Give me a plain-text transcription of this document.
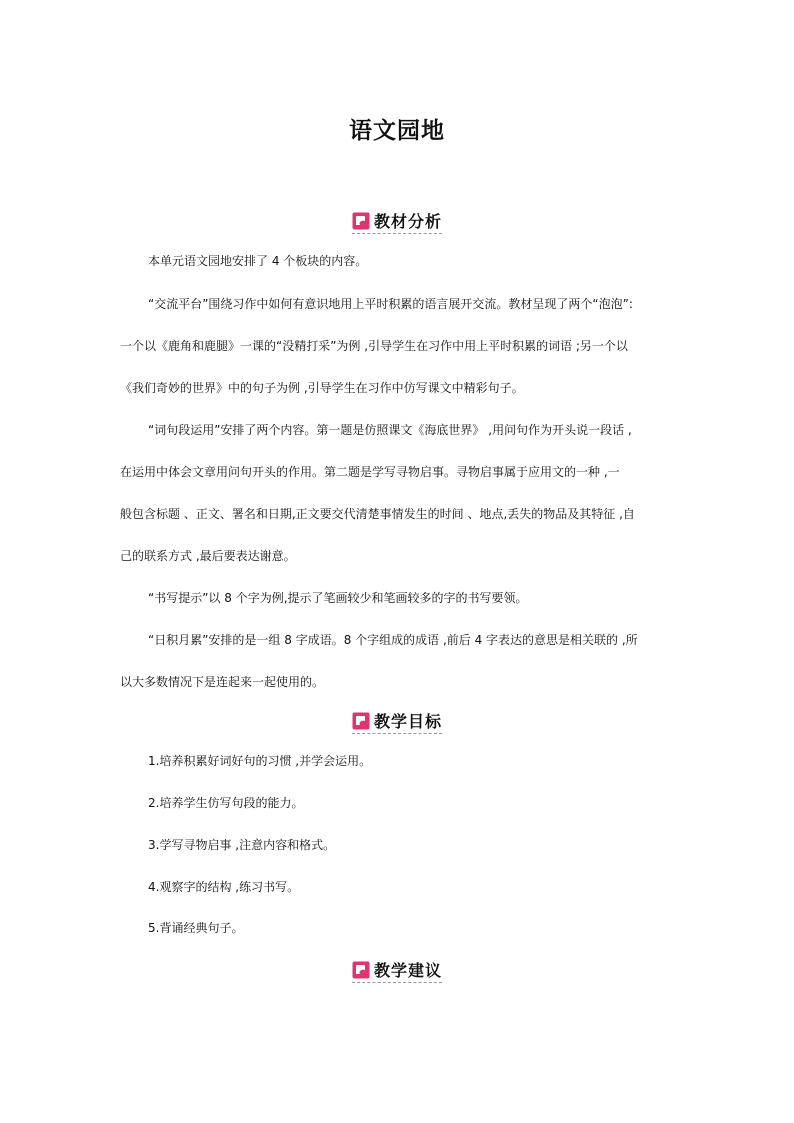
语文园地
教材分析
本单元语文园地安排了 4 个板块的内容。
“交流平台”围绕习作中如何有意识地用上平时积累的语言展开交流。教材呈现了两个“泡泡”:
一个以《鹿角和鹿腿》一课的“没精打采”为例 ,引导学生在习作中用上平时积累的词语 ;另一个以
《我们奇妙的世界》中的句子为例 ,引导学生在习作中仿写课文中精彩句子。
“词句段运用”安排了两个内容。第一题是仿照课文《海底世界》 ,用问句作为开头说一段话 ,
在运用中体会文章用问句开头的作用。第二题是学写寻物启事。寻物启事属于应用文的一种 ,一
般包含标题 、正文、署名和日期,正文要交代清楚事情发生的时间 、地点,丢失的物品及其特征 ,自
己的联系方式 ,最后要表达谢意。
“书写提示”以 8 个字为例,提示了笔画较少和笔画较多的字的书写要领。
“日积月累”安排的是一组 8 字成语。8 个字组成的成语 ,前后 4 字表达的意思是相关联的 ,所
以大多数情况下是连起来一起使用的。
教学目标
1.培养积累好词好句的习惯 ,并学会运用。
2.培养学生仿写句段的能力。
3.学写寻物启事 ,注意内容和格式。
4.观察字的结构 ,练习书写。
5.背诵经典句子。
教学建议
